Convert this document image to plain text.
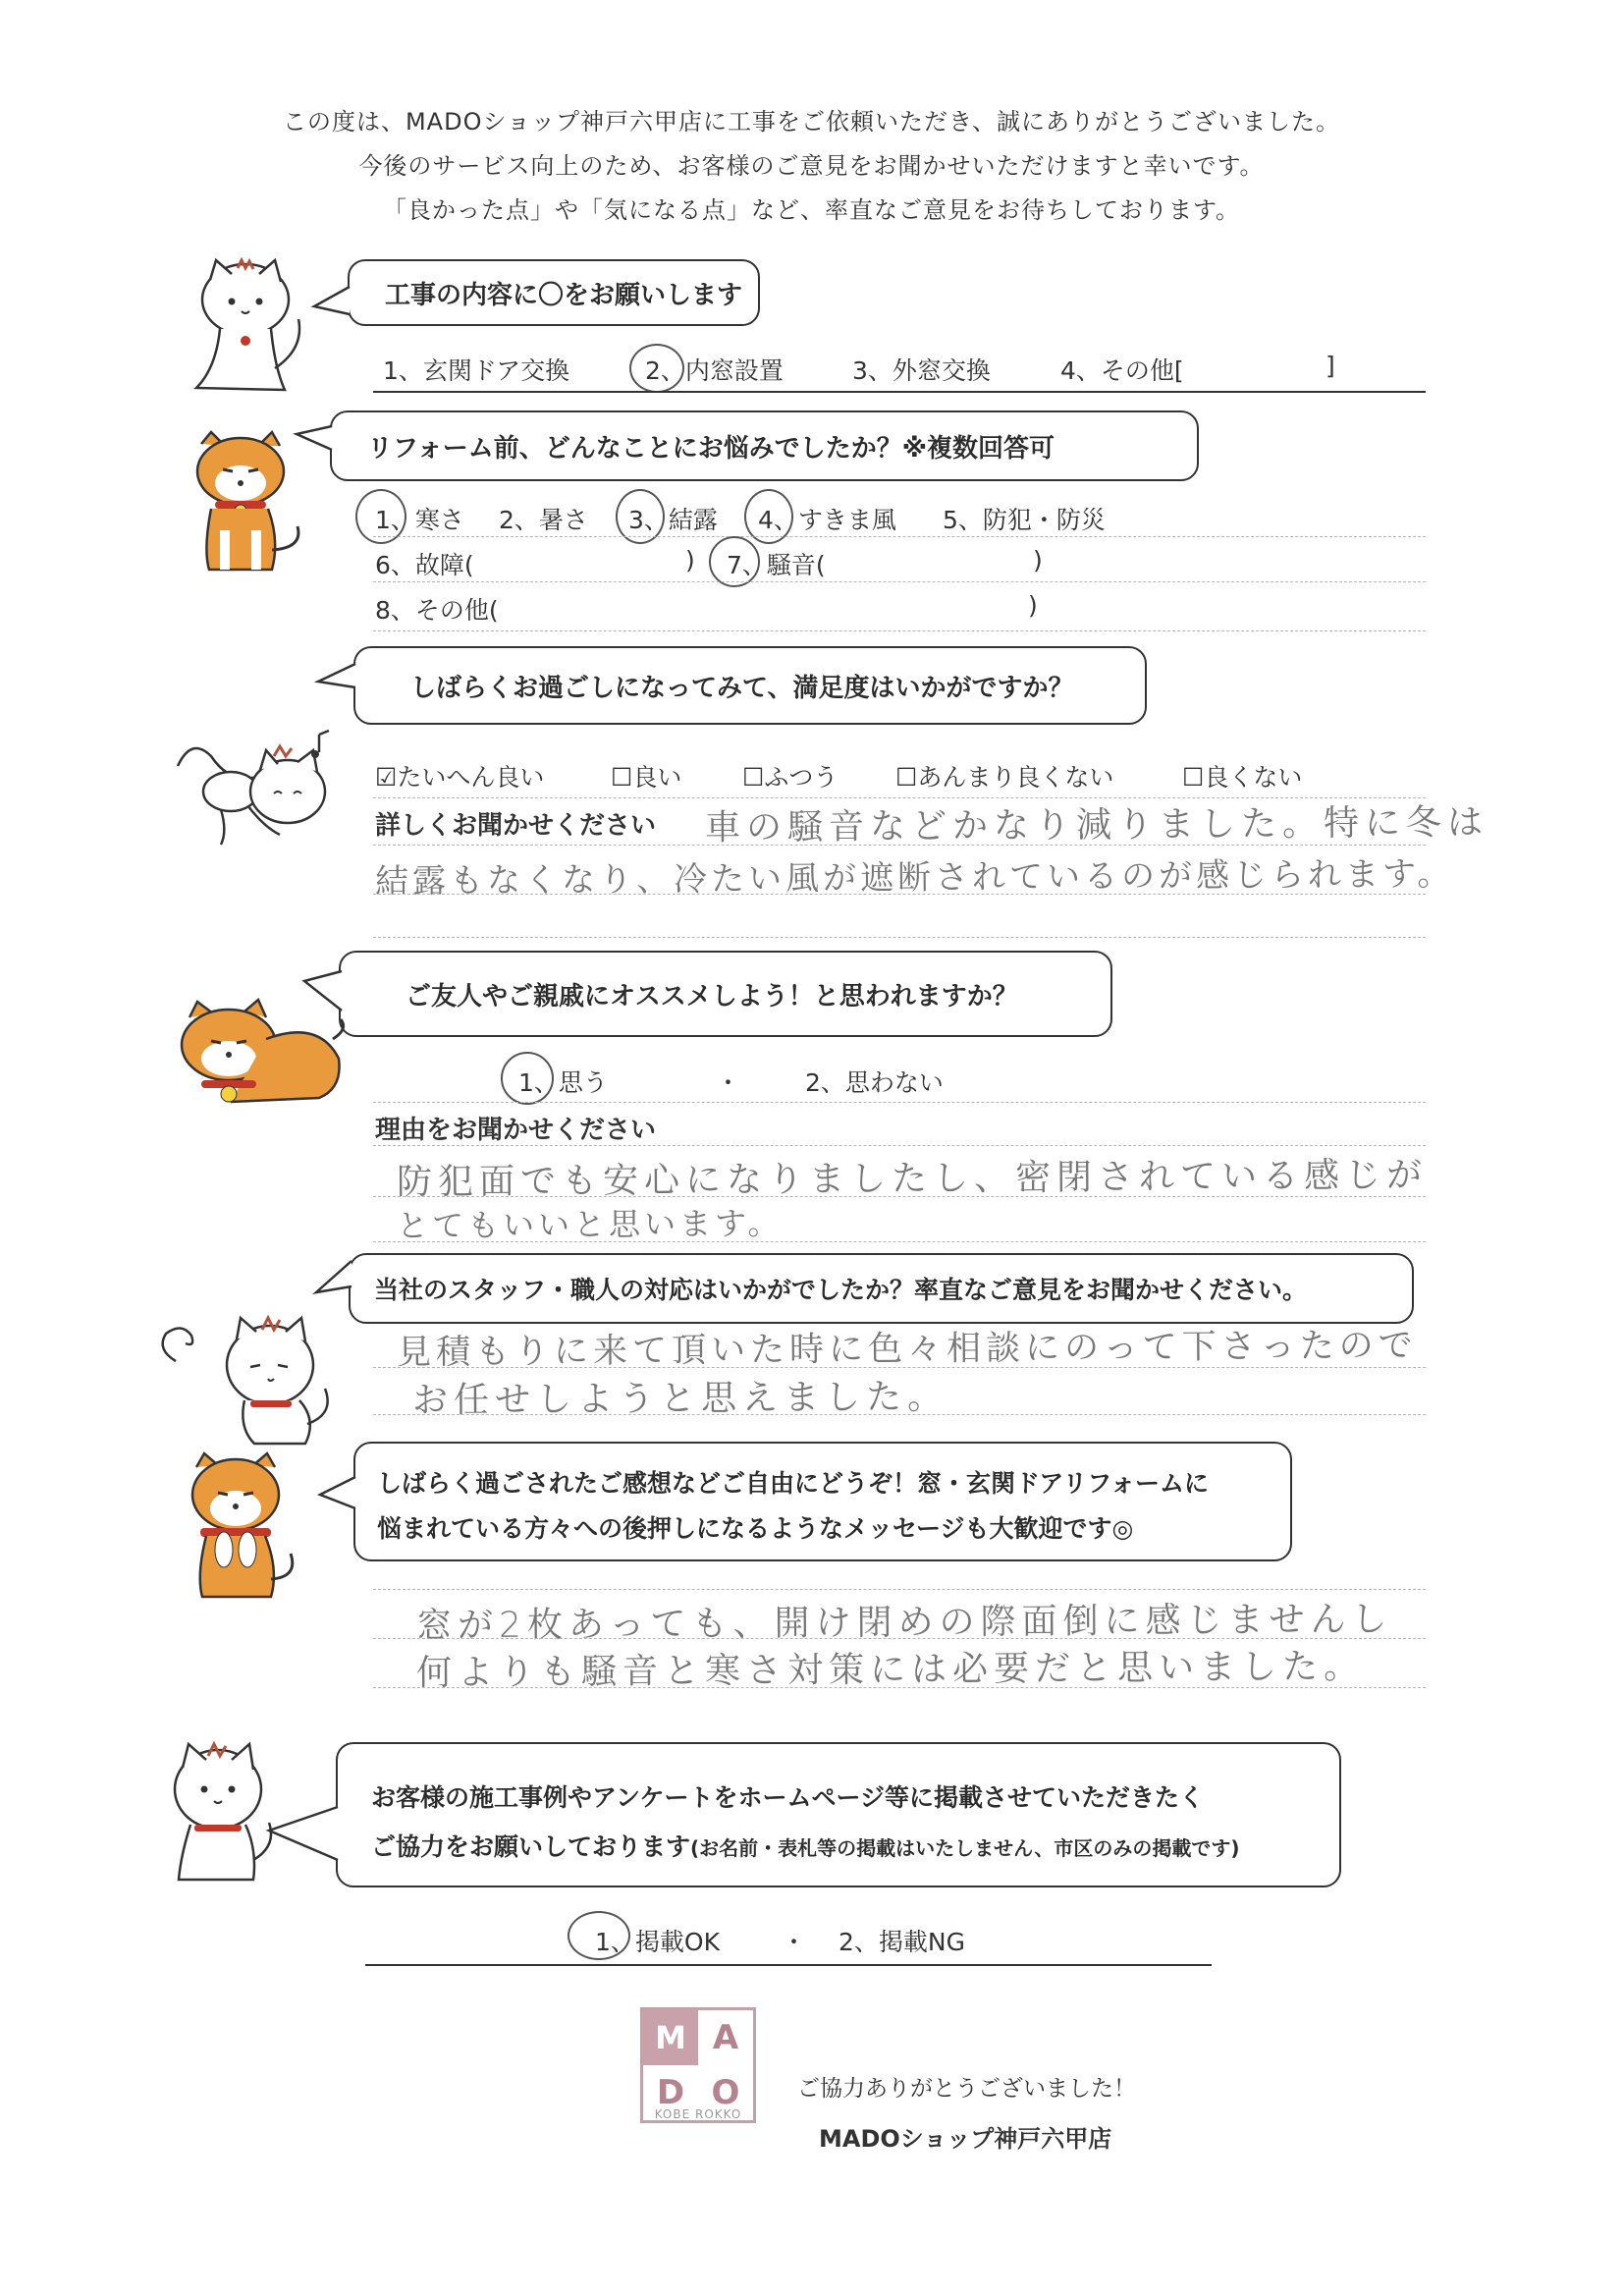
この度は、MADOショップ神戸六甲店に工事をご依頼いただき、誠にありがとうございました。
今後のサービス向上のため、お客様のご意見をお聞かせいただけますと幸いです。
「良かった点」や「気になる点」など、率直なご意見をお待ちしております。
工事の内容に〇をお願いします
1、玄関ドア交換	2、内窓設置	3、外窓交換	4、その他[	]
リフォーム前、どんなことにお悩みでしたか？※複数回答可
1、寒さ 2、暑さ 3、結露 4、すきま風 5、防犯・防災
6、故障(	) 7、騒音(	)
8、その他(	)
しばらくお過ごしになってみて、満足度はいかがですか？
☑たいへん良い	☐良い ☐ふつう ☐あんまり良くない	☐良くない
詳しくお聞かせください 車の騒音などかなり減りました。特に冬は
結露もなくなり、冷たい風が遮断されているのが感じられます。
ご友人やご親戚にオススメしよう！と思われますか？
1、思う	・	2、思わない
理由をお聞かせください
防犯面でも安心になりましたし、密閉されている感じが
とてもいいと思います。
当社のスタッフ・職人の対応はいかがでしたか？率直なご意見をお聞かせください。
見積もりに来て頂いた時に色々相談にのって下さったので
お任せしようと思えました。
しばらく過ごされたご感想などご自由にどうぞ！窓・玄関ドアリフォームに
悩まれている方々への後押しになるようなメッセージも大歓迎です◎
窓が2枚あっても、開け閉めの際面倒に感じませんし
何よりも騒音と寒さ対策には必要だと思いました。
お客様の施工事例やアンケートをホームページ等に掲載させていただきたく
ご協力をお願いしております(お名前・表札等の掲載はいたしません、市区のみの掲載です)
1、掲載OK	・ 2、掲載NG
M A
D O
KOBE ROKKO
ご協力ありがとうございました！
MADOショップ神戸六甲店
